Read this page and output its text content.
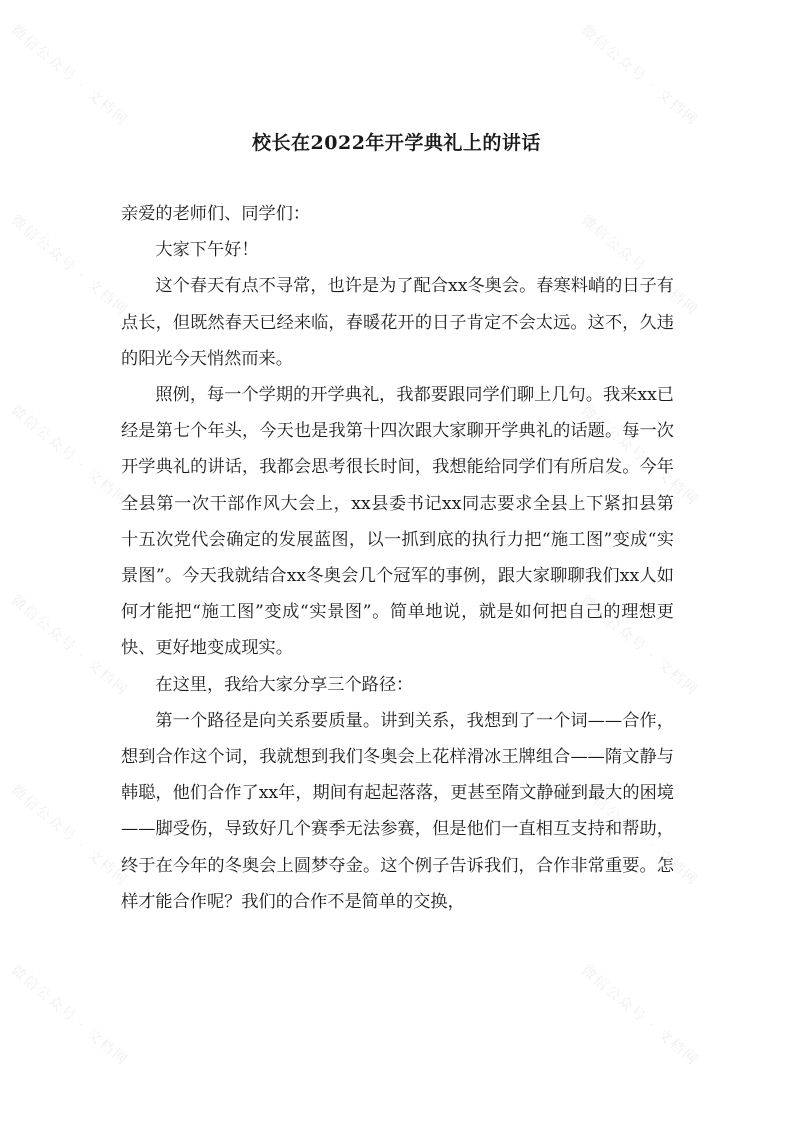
校长在2022年开学典礼上的讲话

亲爱的老师们、同学们：

大家下午好！

这个春天有点不寻常，也许是为了配合xx冬奥会。春寒料峭的日子有点长，但既然春天已经来临，春暖花开的日子肯定不会太远。这不，久违的阳光今天悄然而来。

照例，每一个学期的开学典礼，我都要跟同学们聊上几句。我来xx已经是第七个年头，今天也是我第十四次跟大家聊开学典礼的话题。每一次开学典礼的讲话，我都会思考很长时间，我想能给同学们有所启发。今年全县第一次干部作风大会上，xx县委书记xx同志要求全县上下紧扣县第十五次党代会确定的发展蓝图，以一抓到底的执行力把“施工图”变成“实景图”。今天我就结合xx冬奥会几个冠军的事例，跟大家聊聊我们xx人如何才能把“施工图”变成“实景图”。简单地说，就是如何把自己的理想更快、更好地变成现实。

在这里，我给大家分享三个路径：

第一个路径是向关系要质量。讲到关系，我想到了一个词——合作，想到合作这个词，我就想到我们冬奥会上花样滑冰王牌组合——隋文静与韩聪，他们合作了xx年，期间有起起落落，更甚至隋文静碰到最大的困境——脚受伤，导致好几个赛季无法参赛，但是他们一直相互支持和帮助，终于在今年的冬奥会上圆梦夺金。这个例子告诉我们，合作非常重要。怎样才能合作呢？我们的合作不是简单的交换，

微信公众号 · 文档网	微信公众号 · 文档网
微信公众号 · 文档网	微信公众号 · 文档网
微信公众号 · 文档网	微信公众号 · 文档网
微信公众号 · 文档网	微信公众号 · 文档网
微信公众号 · 文档网	微信公众号 · 文档网
微信公众号 · 文档网	微信公众号 · 文档网
